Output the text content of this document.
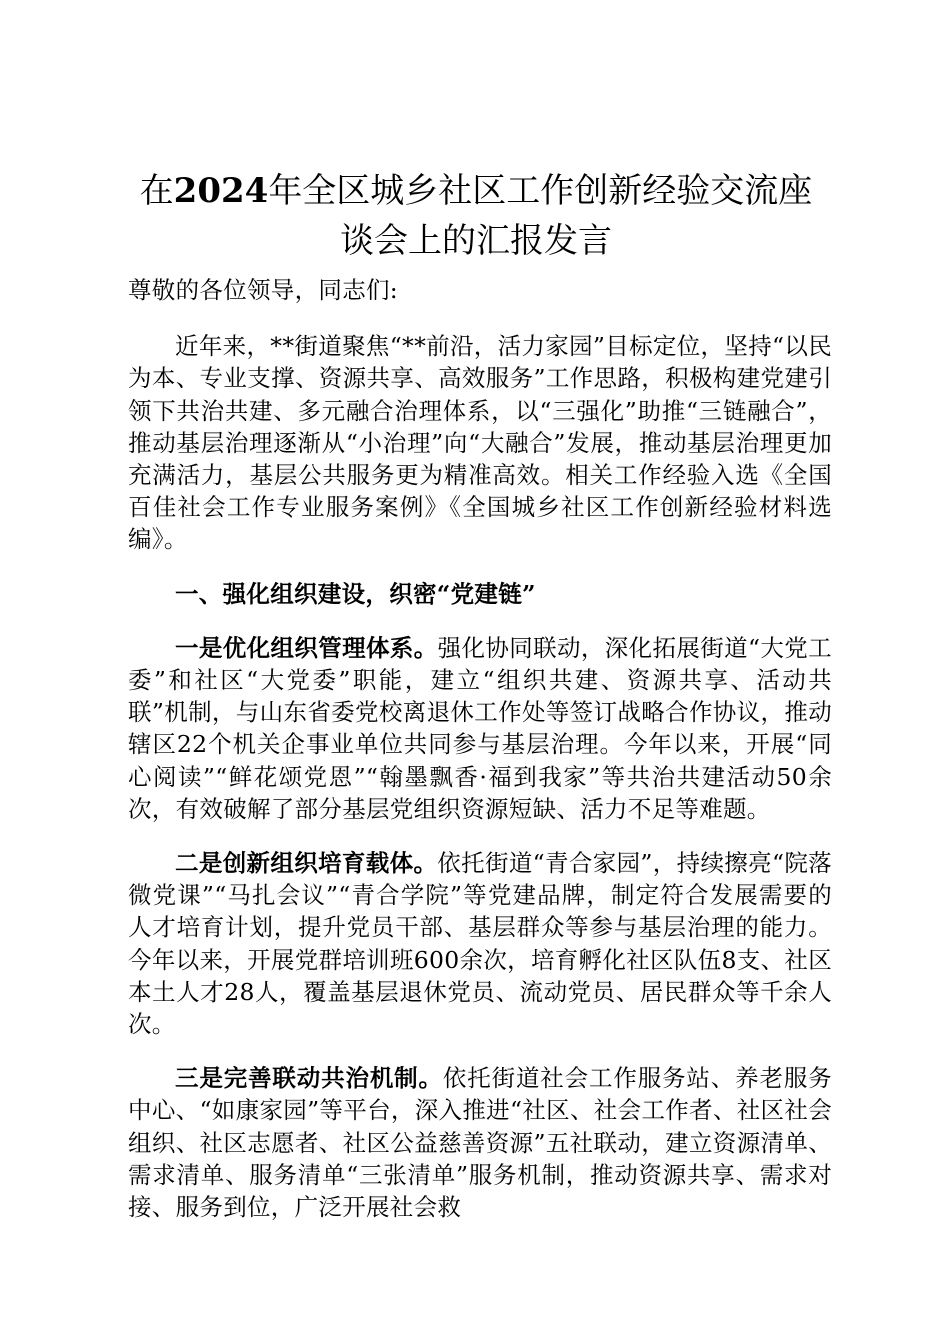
在2024年全区城乡社区工作创新经验交流座
谈会上的汇报发言

尊敬的各位领导，同志们:

近年来，**街道聚焦“**前沿，活力家园”目标定位，坚持“以民为本、专业支撑、资源共享、高效服务”工作思路，积极构建党建引领下共治共建、多元融合治理体系，以“三强化”助推“三链融合”，推动基层治理逐渐从“小治理”向“大融合”发展，推动基层治理更加充满活力，基层公共服务更为精准高效。相关工作经验入选《全国百佳社会工作专业服务案例》《全国城乡社区工作创新经验材料选编》。

一、强化组织建设，织密“党建链”

一是优化组织管理体系。强化协同联动，深化拓展街道“大党工委”和社区“大党委”职能，建立“组织共建、资源共享、活动共联”机制，与山东省委党校离退休工作处等签订战略合作协议，推动辖区22个机关企事业单位共同参与基层治理。今年以来，开展“同心阅读”“鲜花颂党恩”“翰墨飘香·福到我家”等共治共建活动50余次，有效破解了部分基层党组织资源短缺、活力不足等难题。

二是创新组织培育载体。依托街道“青合家园”，持续擦亮“院落微党课”“马扎会议”“青合学院”等党建品牌，制定符合发展需要的人才培育计划，提升党员干部、基层群众等参与基层治理的能力。今年以来，开展党群培训班600余次，培育孵化社区队伍8支、社区本土人才28人，覆盖基层退休党员、流动党员、居民群众等千余人次。

三是完善联动共治机制。依托街道社会工作服务站、养老服务中心、“如康家园”等平台，深入推进“社区、社会工作者、社区社会组织、社区志愿者、社区公益慈善资源”五社联动，建立资源清单、需求清单、服务清单“三张清单”服务机制，推动资源共享、需求对接、服务到位，广泛开展社会救
